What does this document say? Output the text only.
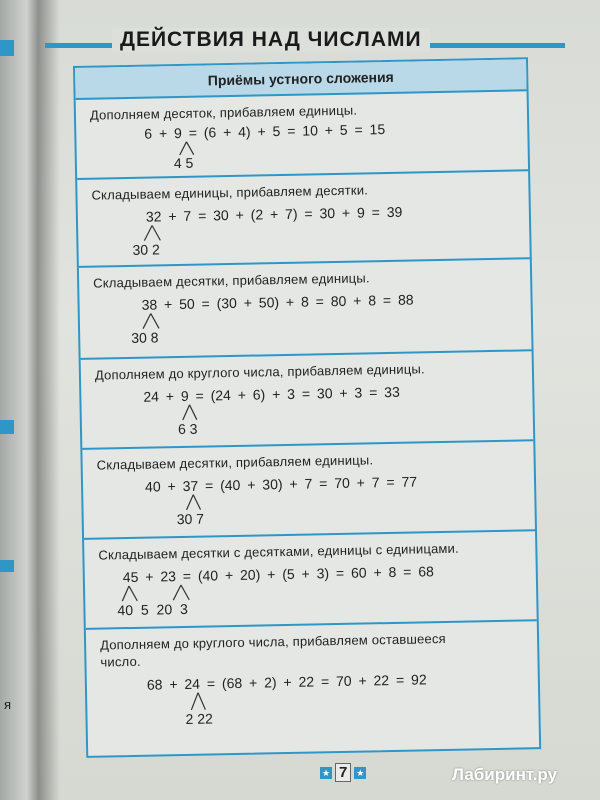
я
ДЕЙСТВИЯ НАД ЧИСЛАМИ
Приёмы устного сложения
Дополняем десяток, прибавляем единицы.
6 + 9 = (6 + 4) + 5 = 10 + 5 = 15
4 5
Складываем единицы, прибавляем десятки.
32 + 7 = 30 + (2 + 7) = 30 + 9 = 39
30 2
Складываем десятки, прибавляем единицы.
38 + 50 = (30 + 50) + 8 = 80 + 8 = 88
30 8
Дополняем до круглого числа, прибавляем единицы.
24 + 9 = (24 + 6) + 3 = 30 + 3 = 33
6 3
Складываем десятки, прибавляем единицы.
40 + 37 = (40 + 30) + 7 = 70 + 7 = 77
30 7
Складываем десятки с десятками, единицы с единицами.
45 + 23 = (40 + 20) + (5 + 3) = 60 + 8 = 68
40 5 20 3
Дополняем до круглого числа, прибавляем оставшееся
число.
68 + 24 = (68 + 2) + 22 = 70 + 22 = 92
2 22
★ 7 ★	Лабиринт.ру
